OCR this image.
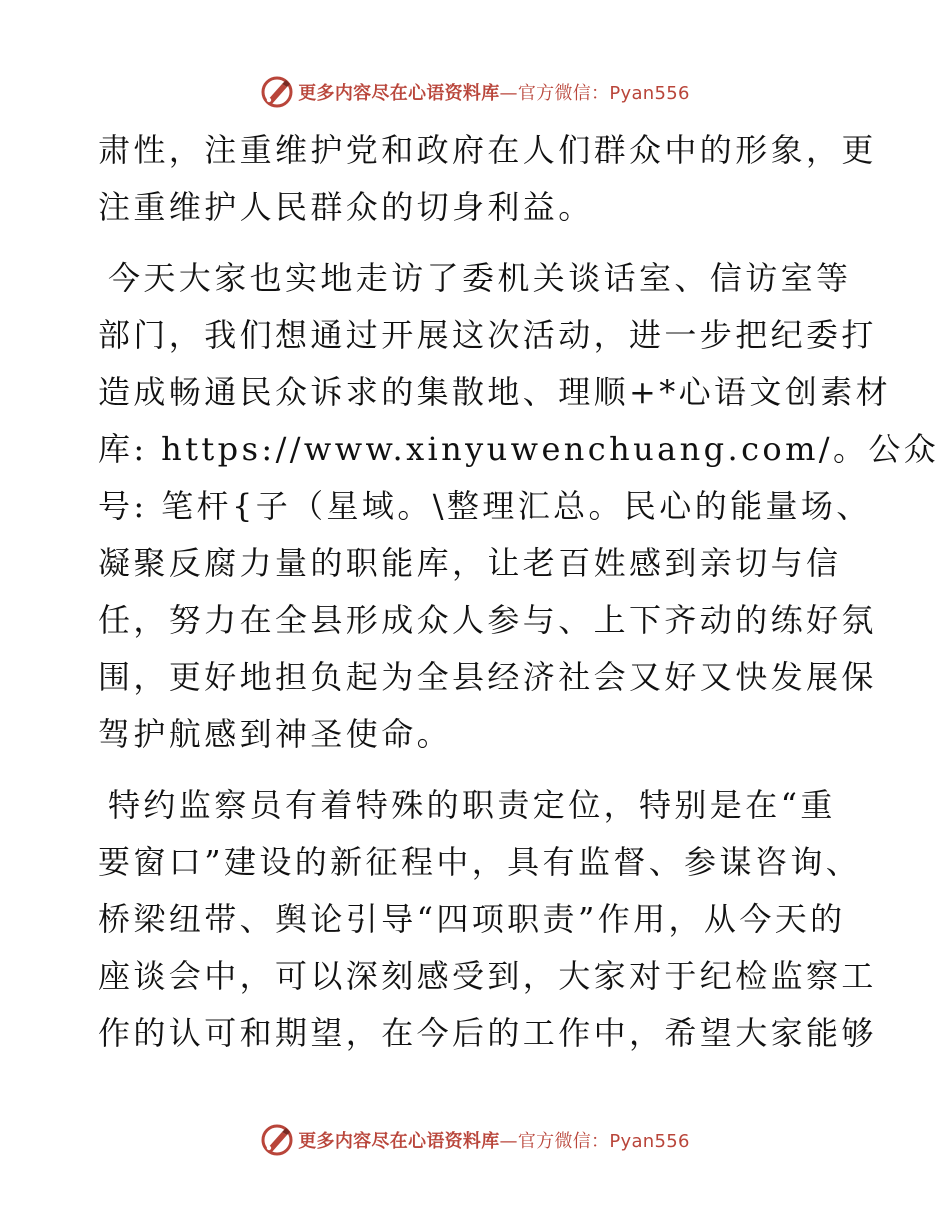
更多内容尽在心语资料库—官方微信：Pyan556
肃性，注重维护党和政府在人们群众中的形象，更
注重维护人民群众的切身利益。
今天大家也实地走访了委机关谈话室、信访室等
部门，我们想通过开展这次活动，进一步把纪委打
造成畅通民众诉求的集散地、理顺+*心语文创素材
库: https://www.xinyuwenchuang.com/。公众
号: 笔杆{子（星域。\整理汇总。民心的能量场、
凝聚反腐力量的职能库，让老百姓感到亲切与信
任，努力在全县形成众人参与、上下齐动的练好氛
围，更好地担负起为全县经济社会又好又快发展保
驾护航感到神圣使命。
特约监察员有着特殊的职责定位，特别是在“重
要窗口”建设的新征程中，具有监督、参谋咨询、
桥梁纽带、舆论引导“四项职责”作用，从今天的
座谈会中，可以深刻感受到，大家对于纪检监察工
作的认可和期望，在今后的工作中，希望大家能够
更多内容尽在心语资料库—官方微信：Pyan556
